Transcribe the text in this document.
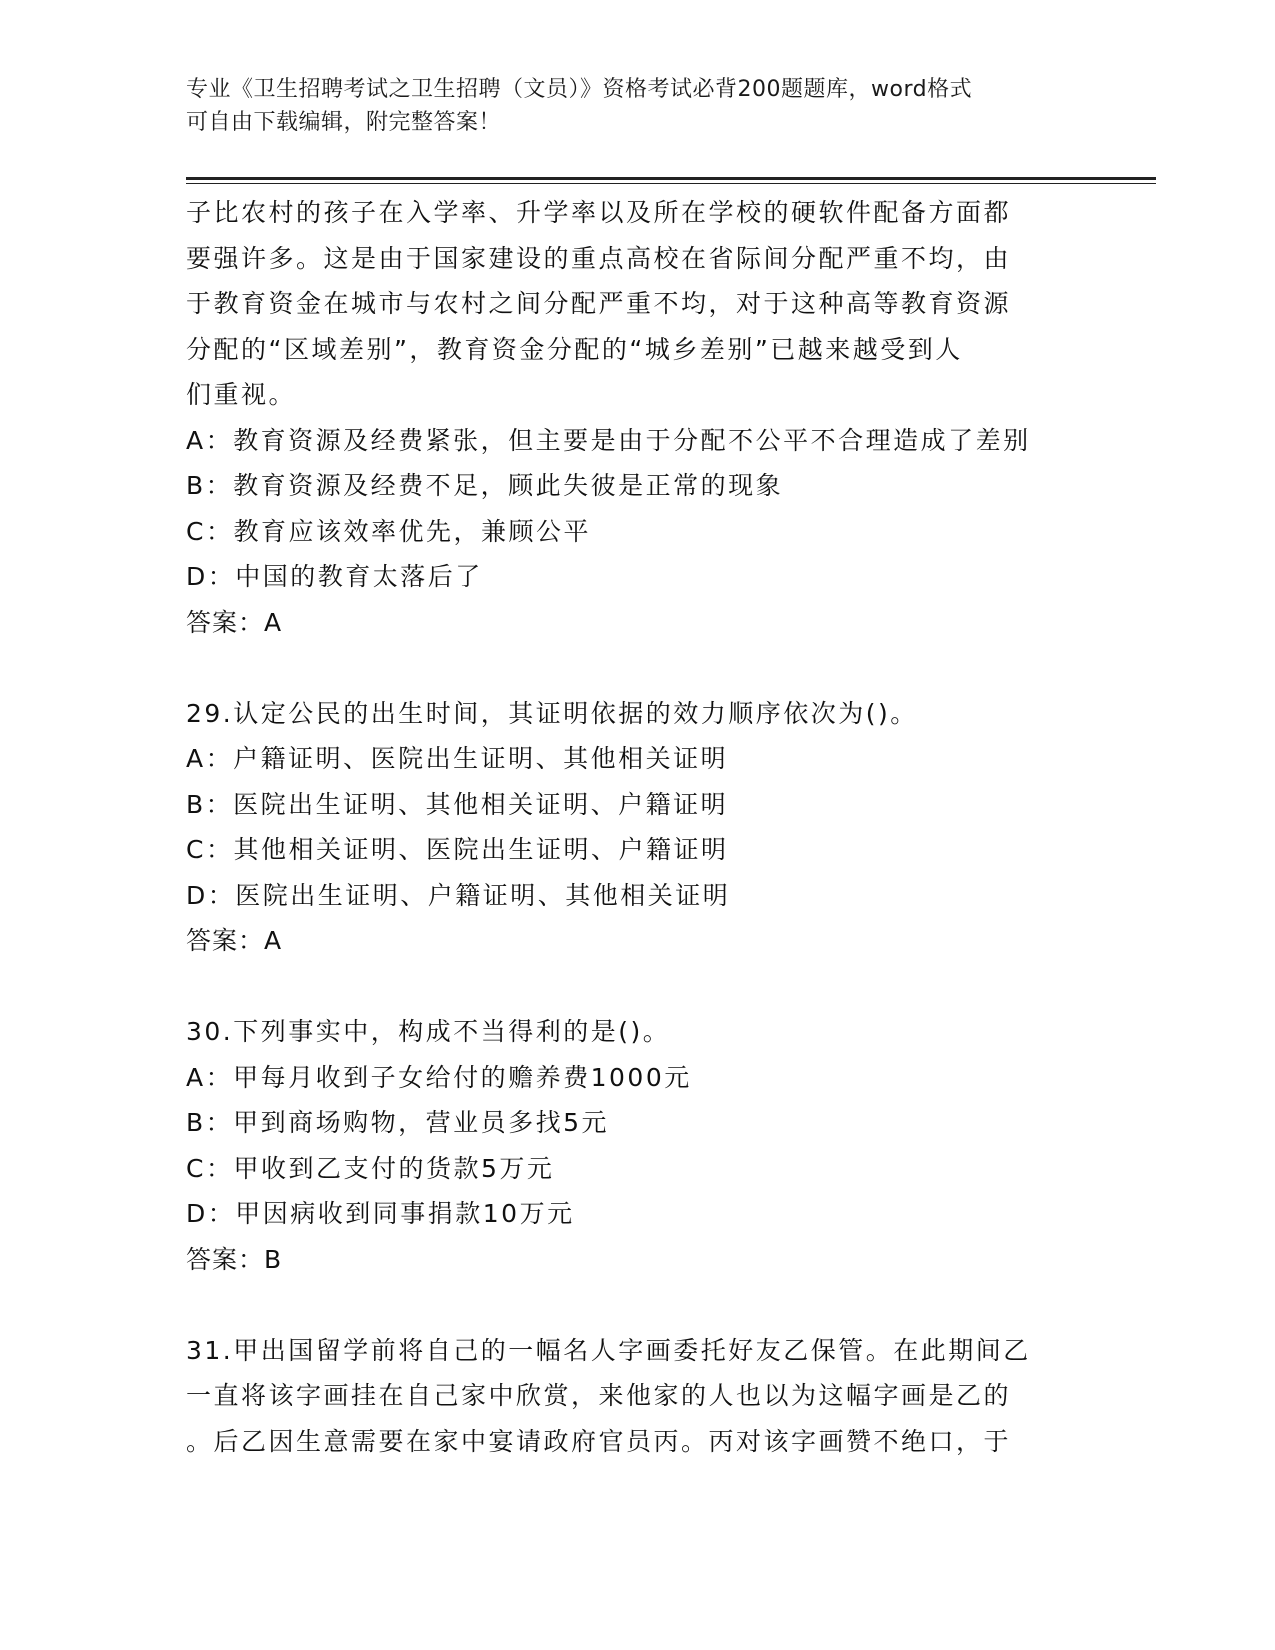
专业《卫生招聘考试之卫生招聘（文员）》资格考试必背200题题库，word格式
可自由下载编辑，附完整答案！
子比农村的孩子在入学率、升学率以及所在学校的硬软件配备方面都
要强许多。这是由于国家建设的重点高校在省际间分配严重不均，由
于教育资金在城市与农村之间分配严重不均，对于这种高等教育资源
分配的“区域差别”，教育资金分配的“城乡差别”已越来越受到人
们重视。
A：教育资源及经费紧张，但主要是由于分配不公平不合理造成了差别
B：教育资源及经费不足，顾此失彼是正常的现象
C：教育应该效率优先，兼顾公平
D：中国的教育太落后了
答案：A
29.认定公民的出生时间，其证明依据的效力顺序依次为()。
A：户籍证明、医院出生证明、其他相关证明
B：医院出生证明、其他相关证明、户籍证明
C：其他相关证明、医院出生证明、户籍证明
D：医院出生证明、户籍证明、其他相关证明
答案：A
30.下列事实中，构成不当得利的是()。
A：甲每月收到子女给付的赡养费1000元
B：甲到商场购物，营业员多找5元
C：甲收到乙支付的货款5万元
D：甲因病收到同事捐款10万元
答案：B
31.甲出国留学前将自己的一幅名人字画委托好友乙保管。在此期间乙
一直将该字画挂在自己家中欣赏，来他家的人也以为这幅字画是乙的
。后乙因生意需要在家中宴请政府官员丙。丙对该字画赞不绝口，于
